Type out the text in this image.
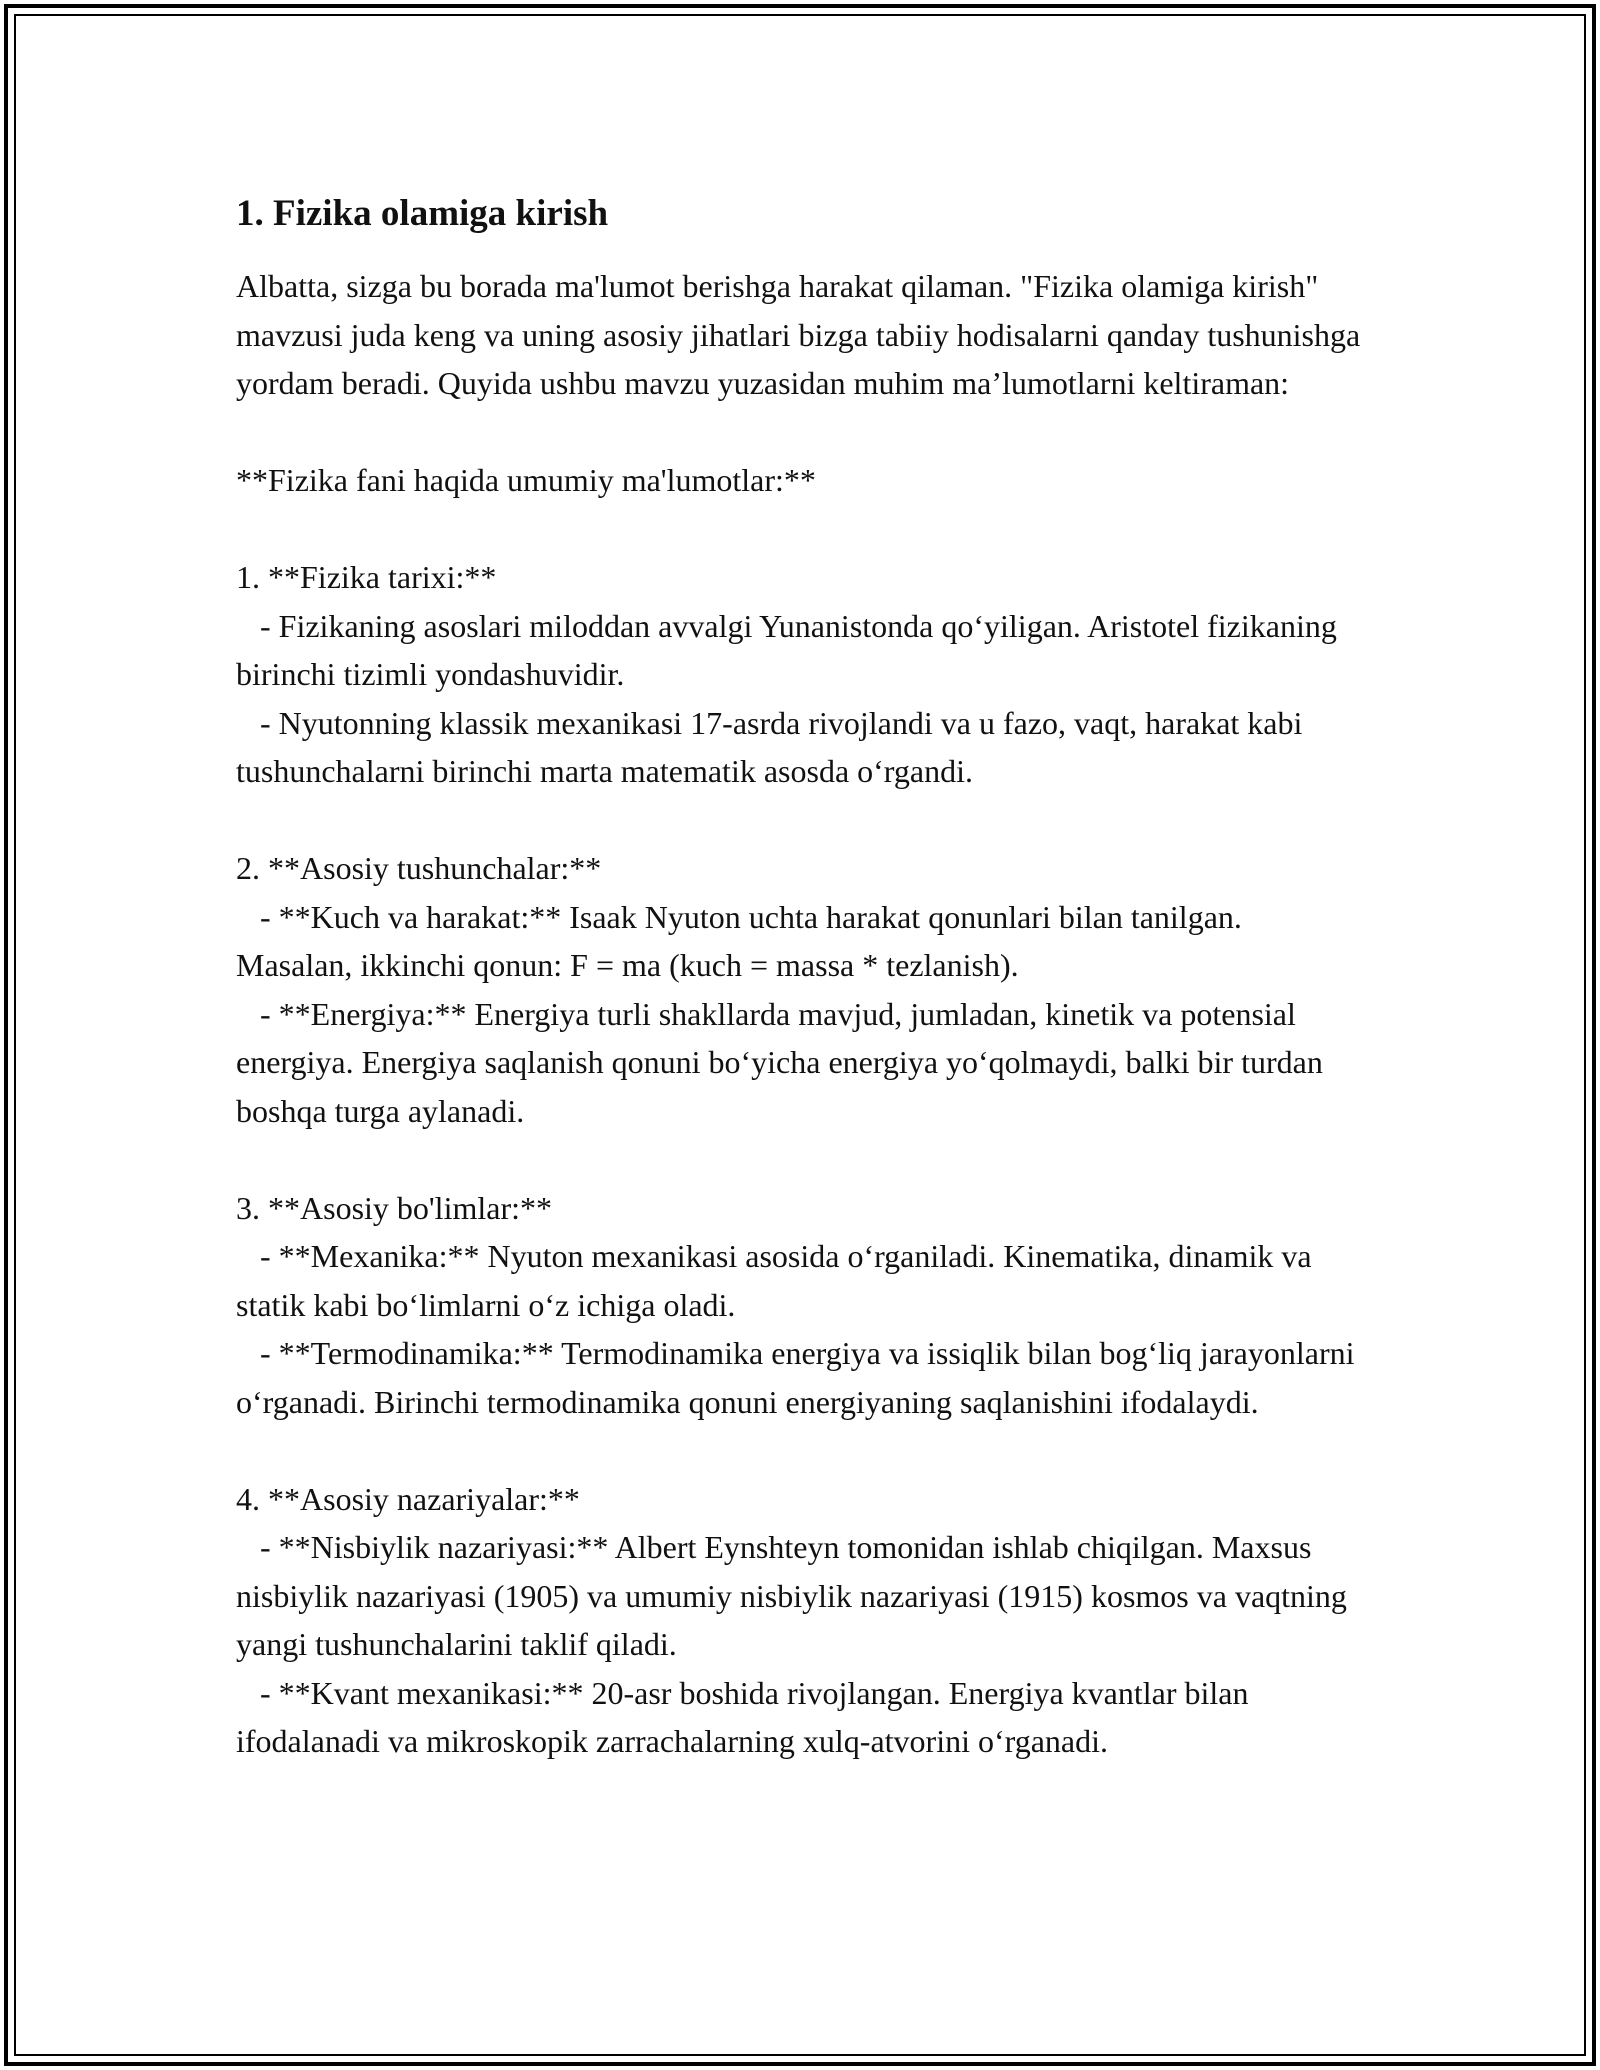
1. Fizika olamiga kirish

Albatta, sizga bu borada ma'lumot berishga harakat qilaman. "Fizika olamiga kirish" mavzusi juda keng va uning asosiy jihatlari bizga tabiiy hodisalarni qanday tushunishga yordam beradi. Quyida ushbu mavzu yuzasidan muhim ma’lumotlarni keltiraman:

**Fizika fani haqida umumiy ma'lumotlar:**

1. **Fizika tarixi:**
- Fizikaning asoslari miloddan avvalgi Yunanistonda qo‘yiligan. Aristotel fizikaning birinchi tizimli yondashuvidir.
- Nyutonning klassik mexanikasi 17-asrda rivojlandi va u fazo, vaqt, harakat kabi tushunchalarni birinchi marta matematik asosda o‘rgandi.

2. **Asosiy tushunchalar:**
- **Kuch va harakat:** Isaak Nyuton uchta harakat qonunlari bilan tanilgan. Masalan, ikkinchi qonun: F = ma (kuch = massa * tezlanish).
- **Energiya:** Energiya turli shakllarda mavjud, jumladan, kinetik va potensial energiya. Energiya saqlanish qonuni bo‘yicha energiya yo‘qolmaydi, balki bir turdan boshqa turga aylanadi.

3. **Asosiy bo'limlar:**
- **Mexanika:** Nyuton mexanikasi asosida o‘rganiladi. Kinematika, dinamik va statik kabi bo‘limlarni o‘z ichiga oladi.
- **Termodinamika:** Termodinamika energiya va issiqlik bilan bog‘liq jarayonlarni o‘rganadi. Birinchi termodinamika qonuni energiyaning saqlanishini ifodalaydi.

4. **Asosiy nazariyalar:**
- **Nisbiylik nazariyasi:** Albert Eynshteyn tomonidan ishlab chiqilgan. Maxsus nisbiylik nazariyasi (1905) va umumiy nisbiylik nazariyasi (1915) kosmos va vaqtning yangi tushunchalarini taklif qiladi.
- **Kvant mexanikasi:** 20-asr boshida rivojlangan. Energiya kvantlar bilan ifodalanadi va mikroskopik zarrachalarning xulq-atvorini o‘rganadi.
